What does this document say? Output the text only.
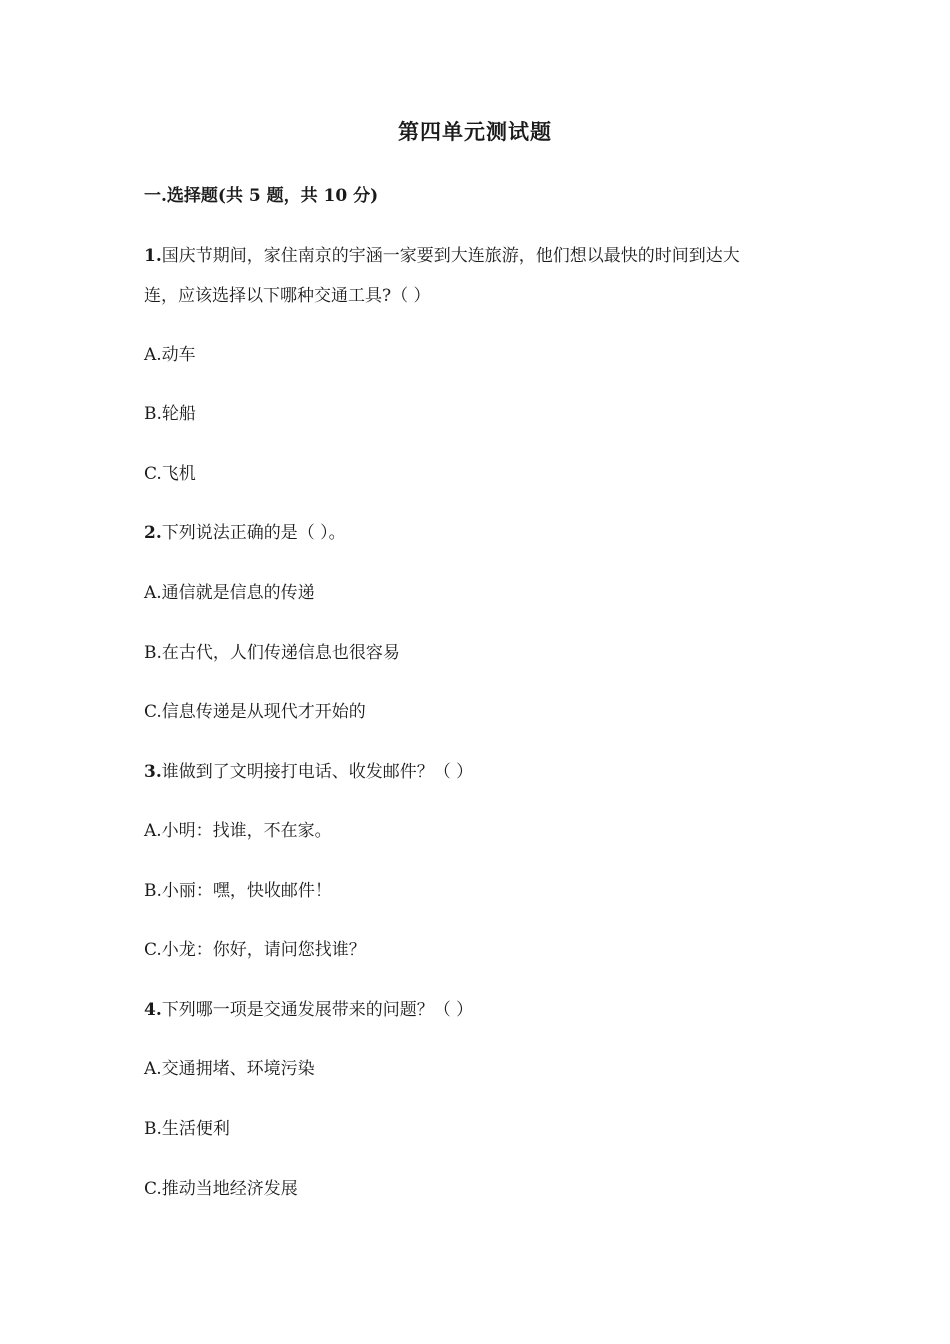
第四单元测试题
一.选择题(共 5 题，共 10 分)
1.国庆节期间，家住南京的宇涵一家要到大连旅游，他们想以最快的时间到达大
连，应该选择以下哪种交通工具?（ ）
A.动车
B.轮船
C.飞机
2.下列说法正确的是（ ）。
A.通信就是信息的传递
B.在古代，人们传递信息也很容易
C.信息传递是从现代才开始的
3.谁做到了文明接打电话、收发邮件？（ ）
A.小明：找谁，不在家。
B.小丽：嘿，快收邮件！
C.小龙：你好，请问您找谁？
4.下列哪一项是交通发展带来的问题？（ ）
A.交通拥堵、环境污染
B.生活便利
C.推动当地经济发展
